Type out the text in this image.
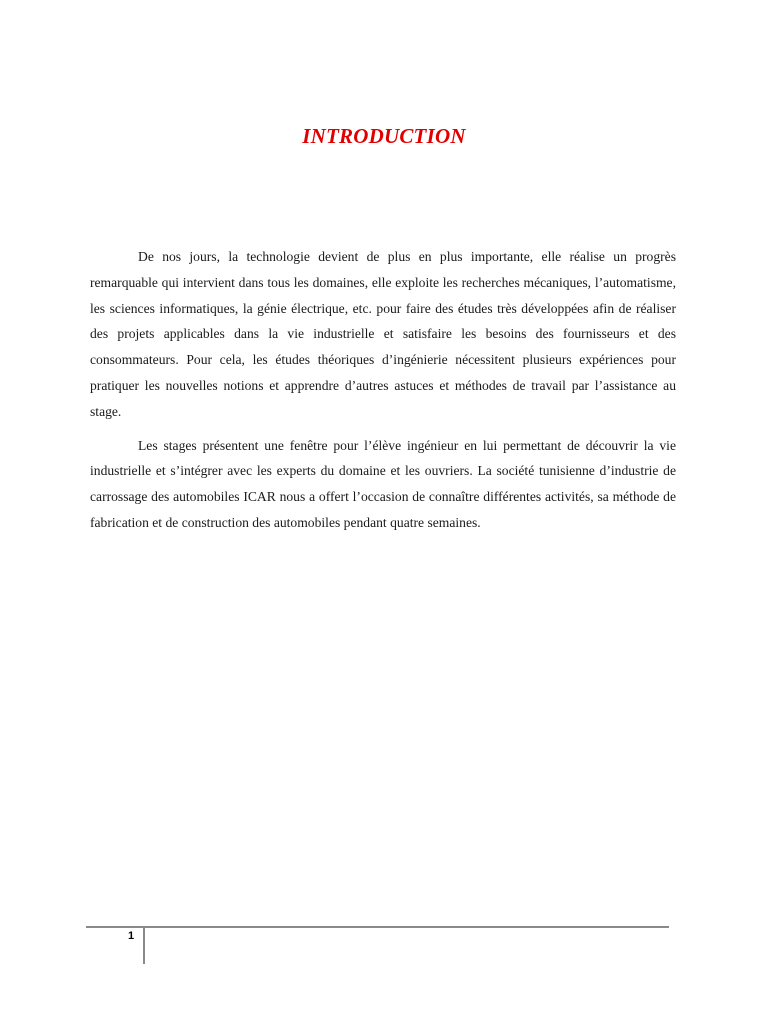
INTRODUCTION

De nos jours, la technologie devient de plus en plus importante, elle réalise un progrès remarquable qui intervient dans tous les domaines, elle exploite les recherches mécaniques, l’automatisme, les sciences informatiques, la génie électrique, etc. pour faire des études très développées afin de réaliser des projets applicables dans la vie industrielle et satisfaire les besoins des fournisseurs et des consommateurs. Pour cela, les études théoriques d’ingénierie nécessitent plusieurs expériences pour pratiquer les nouvelles notions et apprendre d’autres astuces et méthodes de travail par l’assistance au stage.

Les stages présentent une fenêtre pour l’élève ingénieur en lui permettant de découvrir la vie industrielle et s’intégrer avec les experts du domaine et les ouvriers. La société tunisienne d’industrie de carrossage des automobiles ICAR nous a offert l’occasion de connaître différentes activités, sa méthode de fabrication et de construction des automobiles pendant quatre semaines.

1
